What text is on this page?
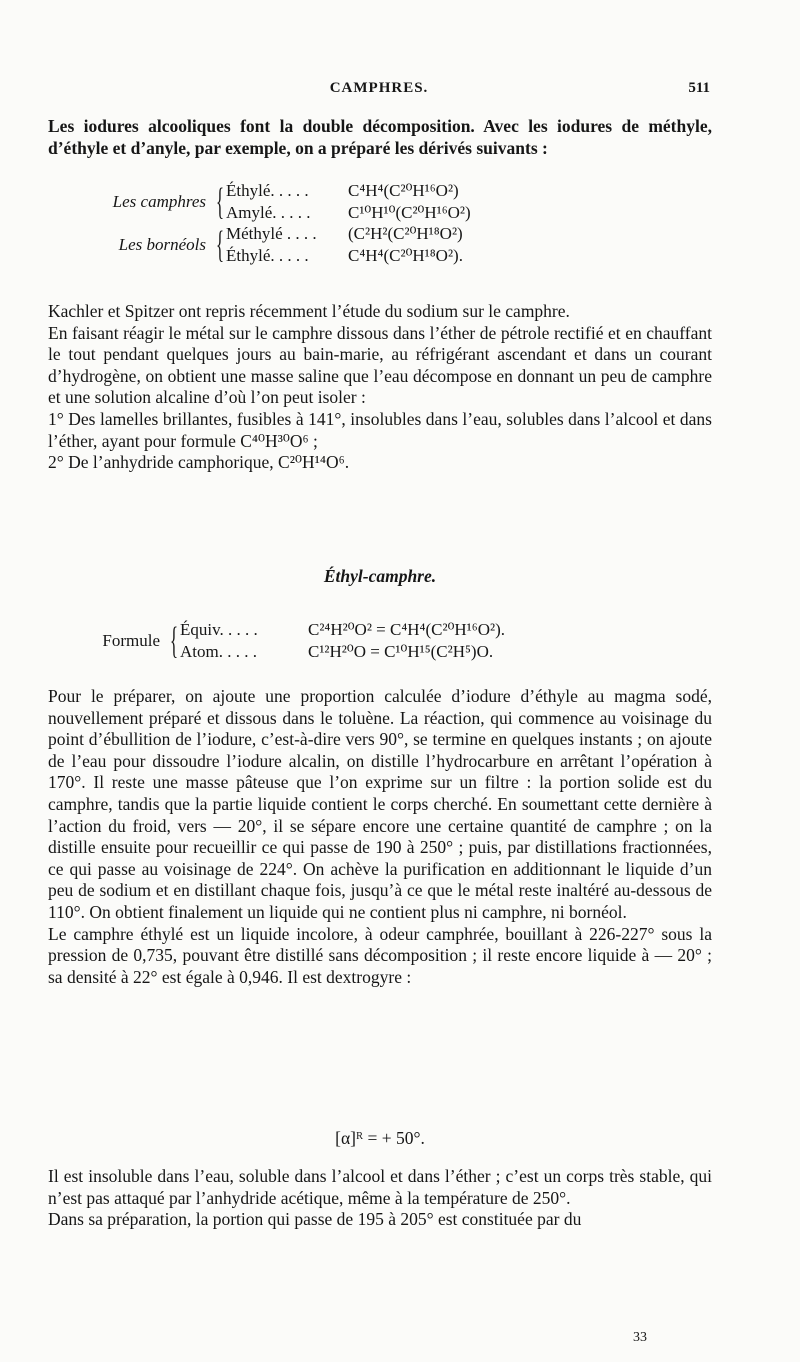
CAMPHRES.	511

Les iodures alcooliques font la double décomposition. Avec les iodures de méthyle, d’éthyle et d’anyle, par exemple, on a préparé les dérivés suivants :

Les camphres { Éthylé. . . . .	C⁴H⁴(C²⁰H¹⁶O²)
Amylé. . . . .	C¹⁰H¹⁰(C²⁰H¹⁶O²)
Les bornéols { Méthylé . . . .	(C²H²(C²⁰H¹⁸O²)
Éthylé. . . . .	C⁴H⁴(C²⁰H¹⁸O²).

Kachler et Spitzer ont repris récemment l’étude du sodium sur le camphre.

En faisant réagir le métal sur le camphre dissous dans l’éther de pétrole rectifié et en chauffant le tout pendant quelques jours au bain-marie, au réfrigérant ascendant et dans un courant d’hydrogène, on obtient une masse saline que l’eau décompose en donnant un peu de camphre et une solution alcaline d’où l’on peut isoler :

1° Des lamelles brillantes, fusibles à 141°, insolubles dans l’eau, solubles dans l’alcool et dans l’éther, ayant pour formule C⁴⁰H³⁰O⁶ ;

2° De l’anhydride camphorique, C²⁰H¹⁴O⁶.

Éthyl-camphre.
Formule { Équiv. . . . .	C²⁴H²⁰O² = C⁴H⁴(C²⁰H¹⁶O²).
Atom. . . . .	C¹²H²⁰O = C¹⁰H¹⁵(C²H⁵)O.

Pour le préparer, on ajoute une proportion calculée d’iodure d’éthyle au magma sodé, nouvellement préparé et dissous dans le toluène. La réaction, qui commence au voisinage du point d’ébullition de l’iodure, c’est-à-dire vers 90°, se termine en quelques instants ; on ajoute de l’eau pour dissoudre l’iodure alcalin, on distille l’hydrocarbure en arrêtant l’opération à 170°. Il reste une masse pâteuse que l’on exprime sur un filtre : la portion solide est du camphre, tandis que la partie liquide contient le corps cherché. En soumettant cette dernière à l’action du froid, vers — 20°, il se sépare encore une certaine quantité de camphre ; on la distille ensuite pour recueillir ce qui passe de 190 à 250° ; puis, par distillations fractionnées, ce qui passe au voisinage de 224°. On achève la purification en additionnant le liquide d’un peu de sodium et en distillant chaque fois, jusqu’à ce que le métal reste inaltéré au-dessous de 110°. On obtient finalement un liquide qui ne contient plus ni camphre, ni bornéol.

Le camphre éthylé est un liquide incolore, à odeur camphrée, bouillant à 226-227° sous la pression de 0,735, pouvant être distillé sans décomposition ; il reste encore liquide à — 20° ; sa densité à 22° est égale à 0,946. Il est dextrogyre :

[α]ᴿ = + 50°.

Il est insoluble dans l’eau, soluble dans l’alcool et dans l’éther ; c’est un corps très stable, qui n’est pas attaqué par l’anhydride acétique, même à la température de 250°.

Dans sa préparation, la portion qui passe de 195 à 205° est constituée par du

33
